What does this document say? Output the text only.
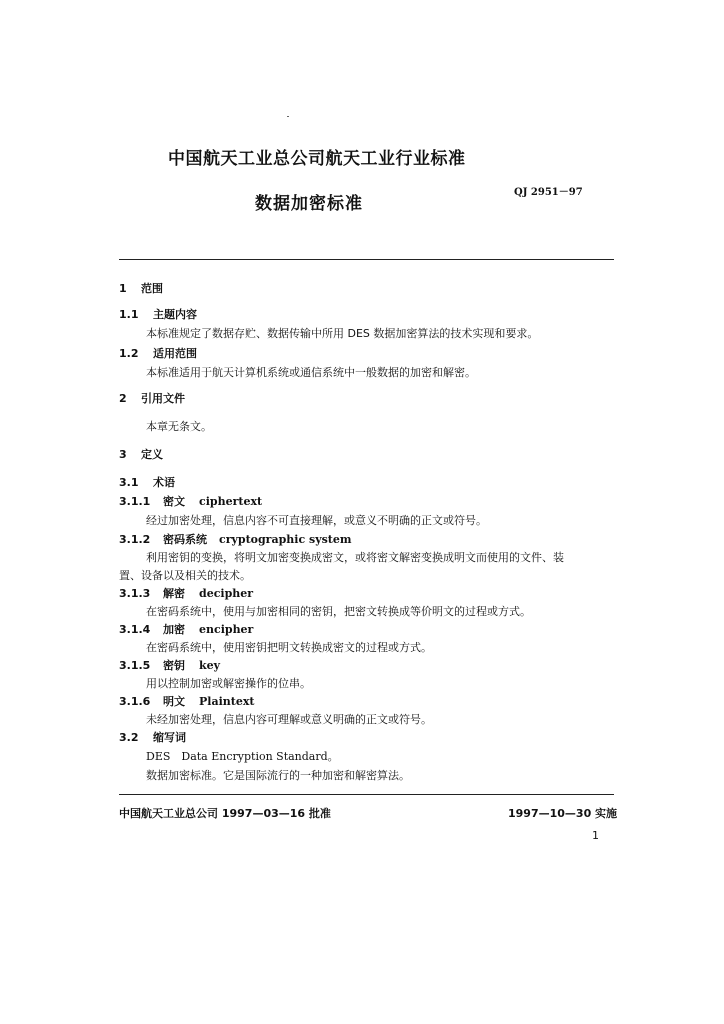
中国航天工业总公司航天工业行业标准
数据加密标准
QJ 2951－97
1 范围
1.1 主题内容
本标准规定了数据存贮、数据传输中所用 DES 数据加密算法的技术实现和要求。
1.2 适用范围
本标准适用于航天计算机系统或通信系统中一般数据的加密和解密。
2 引用文件
本章无条文。
3 定义
3.1 术语
3.1.1 密文 ciphertext
经过加密处理，信息内容不可直接理解，或意义不明确的正文或符号。
3.1.2 密码系统 cryptographic system
利用密钥的变换，将明文加密变换成密文，或将密文解密变换成明文而使用的文件、装
置、设备以及相关的技术。
3.1.3 解密 decipher
在密码系统中，使用与加密相同的密钥，把密文转换成等价明文的过程或方式。
3.1.4 加密 encipher
在密码系统中，使用密钥把明文转换成密文的过程或方式。
3.1.5 密钥 key
用以控制加密或解密操作的位串。
3.1.6 明文 Plaintext
未经加密处理，信息内容可理解或意义明确的正文或符号。
3.2 缩写词
DES　Data Encryption Standard。
数据加密标准。它是国际流行的一种加密和解密算法。
中国航天工业总公司 1997—03—16 批准	1997—10—30 实施
1
